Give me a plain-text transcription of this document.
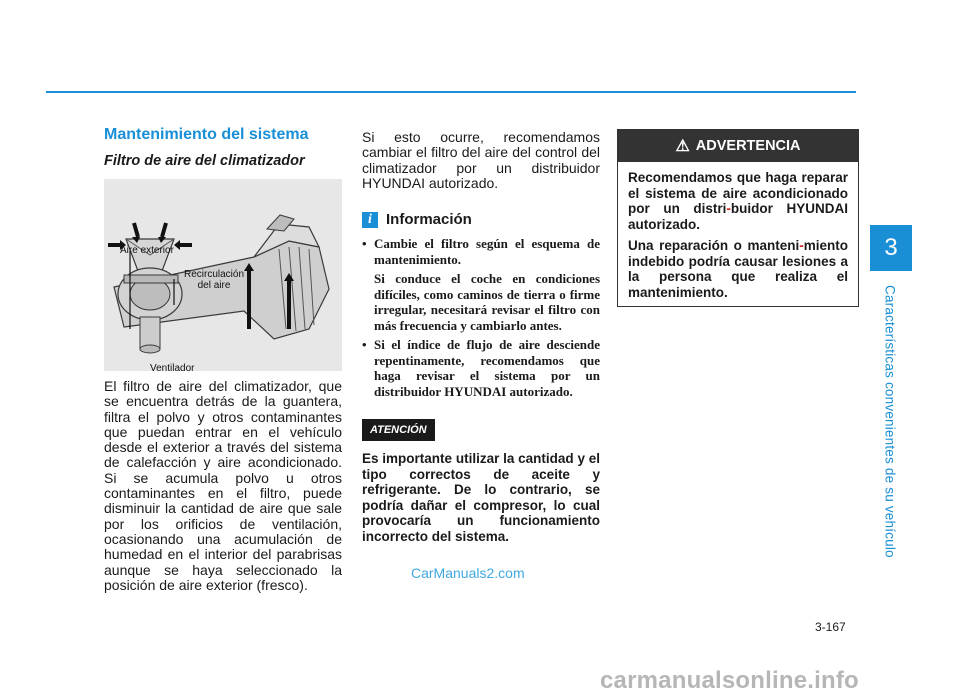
3
Características convenientes de su vehículo
Mantenimiento del sistema
Filtro de aire del climatizador
Aire exterior
Recirculación
del aire
Ventilador

El filtro de aire del climatizador, que se encuentra detrás de la guantera, filtra el polvo y otros contaminantes que puedan entrar en el vehículo desde el exterior a través del sistema de calefacción y aire acondicionado. Si se acumula polvo u otros contaminantes en el filtro, puede disminuir la cantidad de aire que sale por los orificios de ventilación, ocasionando una acumulación de humedad en el interior del parabrisas aunque se haya seleccionado la posición de aire exterior (fresco).

Si esto ocurre, recomendamos cambiar el filtro del aire del control del climatizador por un distribuidor HYUNDAI autorizado.

i Información
• Cambie el filtro según el esquema de mantenimiento.

Si conduce el coche en condiciones difíciles, como caminos de tierra o firme irregular, necesitará revisar el filtro con más frecuencia y cambiarlo antes.

• Si el índice de flujo de aire desciende repentinamente, recomendamos que haga revisar el sistema por un distribuidor HYUNDAI autorizado.

ATENCIÓN

Es importante utilizar la cantidad y el tipo correctos de aceite y refrigerante. De lo contrario, se podría dañar el compresor, lo cual provocaría un funcionamiento incorrecto del sistema.

⚠ ADVERTENCIA

Recomendamos que haga reparar el sistema de aire acondicionado por un distri-buidor HYUNDAI autorizado.

Una reparación o manteni-miento indebido podría causar lesiones a la persona que realiza el mantenimiento.

3-167
CarManuals2.com
carmanualsonline.info
